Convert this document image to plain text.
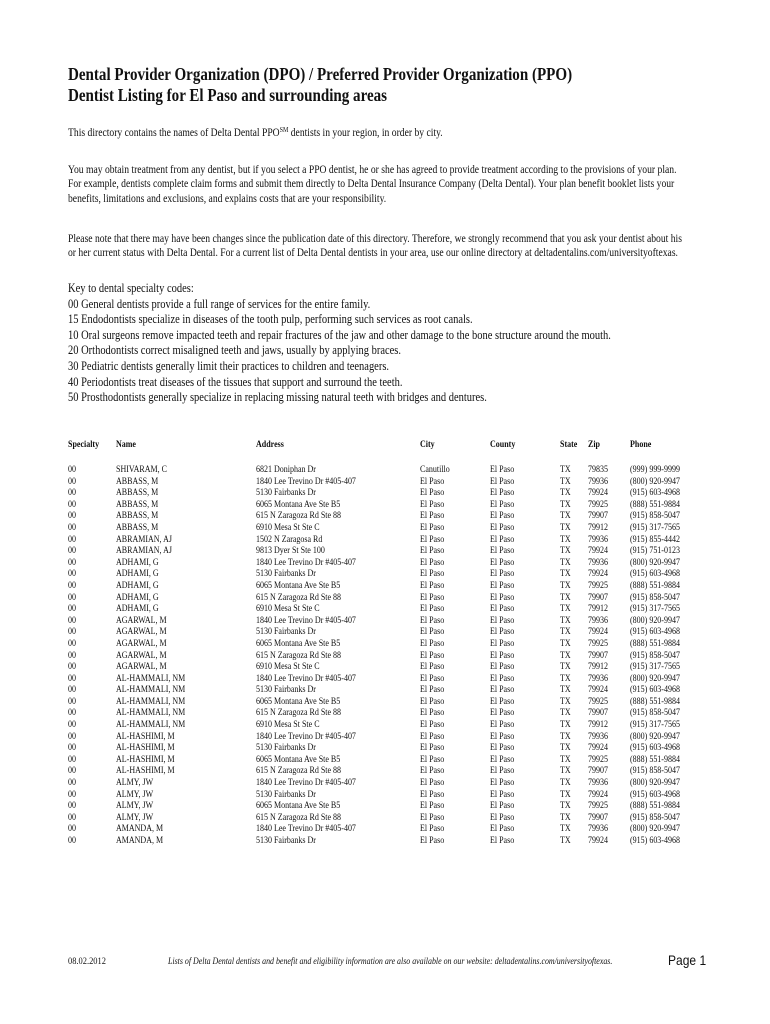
Dental Provider Organization (DPO) / Preferred Provider Organization (PPO)
Dentist Listing for El Paso and surrounding areas
This directory contains the names of Delta Dental PPO℠ dentists in your region, in order by city.
You may obtain treatment from any dentist, but if you select a PPO dentist, he or she has agreed to provide treatment according to the provisions of your plan.
For example, dentists complete claim forms and submit them directly to Delta Dental Insurance Company (Delta Dental). Your plan benefit booklet lists your
benefits, limitations and exclusions, and explains costs that are your responsibility.
Please note that there may have been changes since the publication date of this directory. Therefore, we strongly recommend that you ask your dentist about his
or her current status with Delta Dental. For a current list of Delta Dental dentists in your area, use our online directory at deltadentalins.com/universityoftexas.
Key to dental specialty codes:
00 General dentists provide a full range of services for the entire family.
15 Endodontists specialize in diseases of the tooth pulp, performing such services as root canals.
10 Oral surgeons remove impacted teeth and repair fractures of the jaw and other damage to the bone structure around the mouth.
20 Orthodontists correct misaligned teeth and jaws, usually by applying braces.
30 Pediatric dentists generally limit their practices to children and teenagers.
40 Periodontists treat diseases of the tissues that support and surround the teeth.
50 Prosthodontists generally specialize in replacing missing natural teeth with bridges and dentures.
Specialty Name	Address	City	County	State Zip	Phone
00	SHIVARAM, C	6821 Doniphan Dr	Canutillo	El Paso	TX 79835 (999) 999-9999
00	ABBASS, M	1840 Lee Trevino Dr #405-407	El Paso	El Paso	TX 79936 (800) 920-9947
00	ABBASS, M	5130 Fairbanks Dr	El Paso	El Paso	TX 79924 (915) 603-4968
00	ABBASS, M	6065 Montana Ave Ste B5	El Paso	El Paso	TX 79925 (888) 551-9884
00	ABBASS, M	615 N Zaragoza Rd Ste 88	El Paso	El Paso	TX 79907 (915) 858-5047
00	ABBASS, M	6910 Mesa St Ste C	El Paso	El Paso	TX 79912 (915) 317-7565
00	ABRAMIAN, AJ	1502 N Zaragosa Rd	El Paso	El Paso	TX 79936 (915) 855-4442
00	ABRAMIAN, AJ	9813 Dyer St Ste 100	El Paso	El Paso	TX 79924 (915) 751-0123
00	ADHAMI, G	1840 Lee Trevino Dr #405-407	El Paso	El Paso	TX 79936 (800) 920-9947
00	ADHAMI, G	5130 Fairbanks Dr	El Paso	El Paso	TX 79924 (915) 603-4968
00	ADHAMI, G	6065 Montana Ave Ste B5	El Paso	El Paso	TX 79925 (888) 551-9884
00	ADHAMI, G	615 N Zaragoza Rd Ste 88	El Paso	El Paso	TX 79907 (915) 858-5047
00	ADHAMI, G	6910 Mesa St Ste C	El Paso	El Paso	TX 79912 (915) 317-7565
00	AGARWAL, M	1840 Lee Trevino Dr #405-407	El Paso	El Paso	TX 79936 (800) 920-9947
00	AGARWAL, M	5130 Fairbanks Dr	El Paso	El Paso	TX 79924 (915) 603-4968
00	AGARWAL, M	6065 Montana Ave Ste B5	El Paso	El Paso	TX 79925 (888) 551-9884
00	AGARWAL, M	615 N Zaragoza Rd Ste 88	El Paso	El Paso	TX 79907 (915) 858-5047
00	AGARWAL, M	6910 Mesa St Ste C	El Paso	El Paso	TX 79912 (915) 317-7565
00	AL-HAMMALI, NM	1840 Lee Trevino Dr #405-407	El Paso	El Paso	TX 79936 (800) 920-9947
00	AL-HAMMALI, NM	5130 Fairbanks Dr	El Paso	El Paso	TX 79924 (915) 603-4968
00	AL-HAMMALI, NM	6065 Montana Ave Ste B5	El Paso	El Paso	TX 79925 (888) 551-9884
00	AL-HAMMALI, NM	615 N Zaragoza Rd Ste 88	El Paso	El Paso	TX 79907 (915) 858-5047
00	AL-HAMMALI, NM	6910 Mesa St Ste C	El Paso	El Paso	TX 79912 (915) 317-7565
00	AL-HASHIMI, M	1840 Lee Trevino Dr #405-407	El Paso	El Paso	TX 79936 (800) 920-9947
00	AL-HASHIMI, M	5130 Fairbanks Dr	El Paso	El Paso	TX 79924 (915) 603-4968
00	AL-HASHIMI, M	6065 Montana Ave Ste B5	El Paso	El Paso	TX 79925 (888) 551-9884
00	AL-HASHIMI, M	615 N Zaragoza Rd Ste 88	El Paso	El Paso	TX 79907 (915) 858-5047
00	ALMY, JW	1840 Lee Trevino Dr #405-407	El Paso	El Paso	TX 79936 (800) 920-9947
00	ALMY, JW	5130 Fairbanks Dr	El Paso	El Paso	TX 79924 (915) 603-4968
00	ALMY, JW	6065 Montana Ave Ste B5	El Paso	El Paso	TX 79925 (888) 551-9884
00	ALMY, JW	615 N Zaragoza Rd Ste 88	El Paso	El Paso	TX 79907 (915) 858-5047
00	AMANDA, M	1840 Lee Trevino Dr #405-407	El Paso	El Paso	TX 79936 (800) 920-9947
00	AMANDA, M	5130 Fairbanks Dr	El Paso	El Paso	TX 79924 (915) 603-4968
08.02.2012	Lists of Delta Dental dentists and benefit and eligibility information are also available on our website: deltadentalins.com/universityoftexas.	Page 1
